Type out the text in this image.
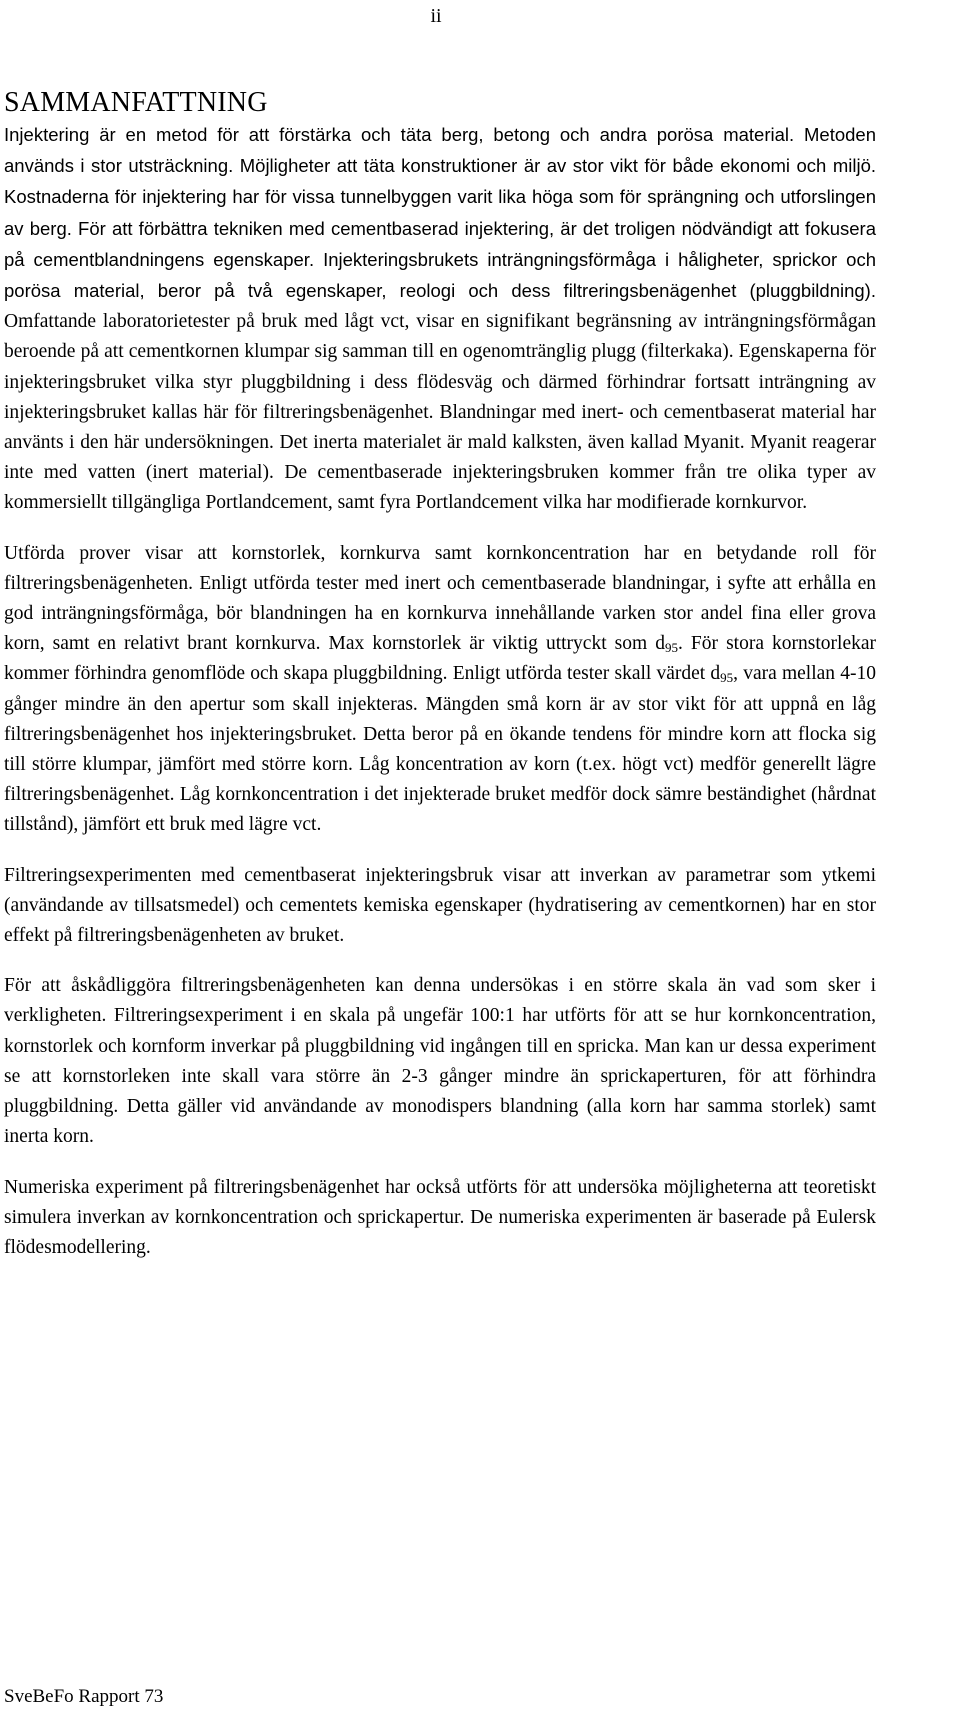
ii
SAMMANFATTNING

Injektering är en metod för att förstärka och täta berg, betong och andra porösa material. Metoden används i stor utsträckning. Möjligheter att täta konstruktioner är av stor vikt för både ekonomi och miljö. Kostnaderna för injektering har för vissa tunnelbyggen varit lika höga som för sprängning och utforslingen av berg. För att förbättra tekniken med cementbaserad injektering, är det troligen nödvändigt att fokusera på cementblandningens egenskaper. Injekteringsbrukets inträngningsförmåga i håligheter, sprickor och porösa material, beror på två egenskaper, reologi och dess filtreringsbenägenhet (pluggbildning). Omfattande laboratorietester på bruk med lågt vct, visar en signifikant begränsning av inträngningsförmågan beroende på att cementkornen klumpar sig samman till en ogenomtränglig plugg (filterkaka). Egenskaperna för injekteringsbruket vilka styr pluggbildning i dess flödesväg och därmed förhindrar fortsatt inträngning av injekteringsbruket kallas här för filtreringsbenägenhet. Blandningar med inert- och cementbaserat material har använts i den här undersökningen. Det inerta materialet är mald kalksten, även kallad Myanit. Myanit reagerar inte med vatten (inert material). De cementbaserade injekteringsbruken kommer från tre olika typer av kommersiellt tillgängliga Portlandcement, samt fyra Portlandcement vilka har modifierade kornkurvor.

Utförda prover visar att kornstorlek, kornkurva samt kornkoncentration har en betydande roll för filtreringsbenägenheten. Enligt utförda tester med inert och cementbaserade blandningar, i syfte att erhålla en god inträngningsförmåga, bör blandningen ha en kornkurva innehållande varken stor andel fina eller grova korn, samt en relativt brant kornkurva. Max kornstorlek är viktig uttryckt som $d_{95}$. För stora kornstorlekar kommer förhindra genomflöde och skapa pluggbildning. Enligt utförda tester skall värdet $d_{95}$, vara mellan 4-10 gånger mindre än den apertur som skall injekteras. Mängden små korn är av stor vikt för att uppnå en låg filtreringsbenägenhet hos injekteringsbruket. Detta beror på en ökande tendens för mindre korn att flocka sig till större klumpar, jämfört med större korn. Låg koncentration av korn (t.ex. högt vct) medför generellt lägre filtreringsbenägenhet. Låg kornkoncentration i det injekterade bruket medför dock sämre beständighet (hårdnat tillstånd), jämfört ett bruk med lägre vct.

Filtreringsexperimenten med cementbaserat injekteringsbruk visar att inverkan av parametrar som ytkemi (användande av tillsatsmedel) och cementets kemiska egenskaper (hydratisering av cementkornen) har en stor effekt på filtreringsbenägenheten av bruket.

För att åskådliggöra filtreringsbenägenheten kan denna undersökas i en större skala än vad som sker i verkligheten. Filtreringsexperiment i en skala på ungefär 100:1 har utförts för att se hur kornkoncentration, kornstorlek och kornform inverkar på pluggbildning vid ingången till en spricka. Man kan ur dessa experiment se att kornstorleken inte skall vara större än 2-3 gånger mindre än sprickaperturen, för att förhindra pluggbildning. Detta gäller vid användande av monodispers blandning (alla korn har samma storlek) samt inerta korn.

Numeriska experiment på filtreringsbenägenhet har också utförts för att undersöka möjligheterna att teoretiskt simulera inverkan av kornkoncentration och sprickapertur. De numeriska experimenten är baserade på Eulersk flödesmodellering.

SveBeFo Rapport 73
